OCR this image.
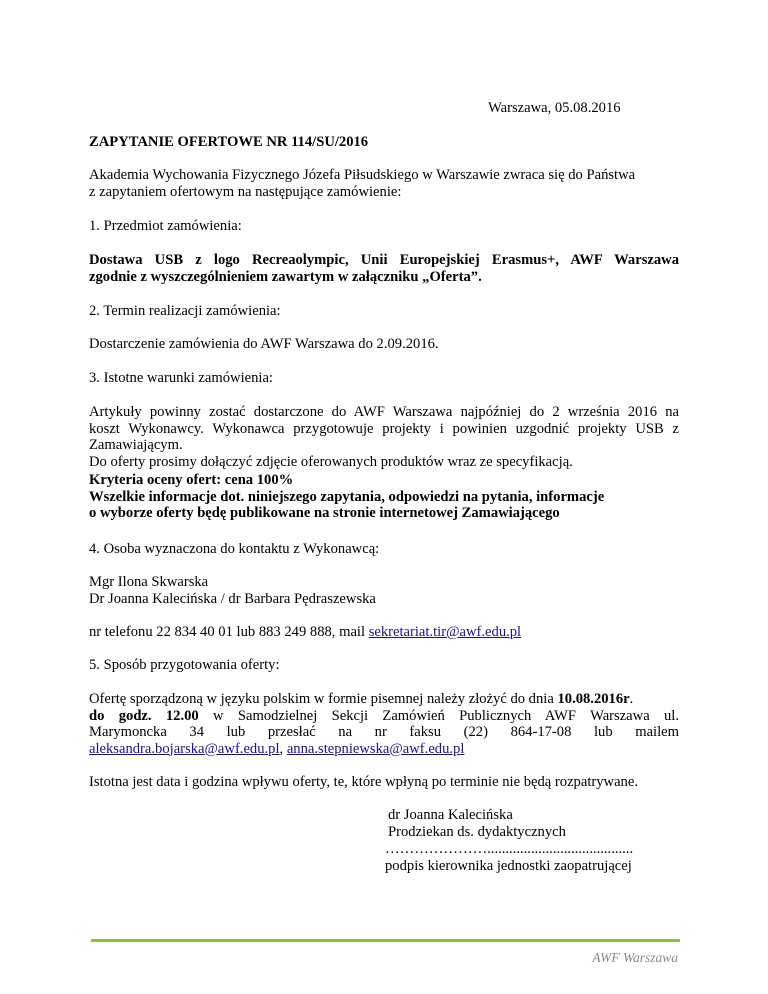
Warszawa, 05.08.2016
ZAPYTANIE OFERTOWE NR 114/SU/2016
Akademia Wychowania Fizycznego Józefa Piłsudskiego w Warszawie zwraca się do Państwa
z zapytaniem ofertowym na następujące zamówienie:
1. Przedmiot zamówienia:
Dostawa USB z logo Recreaolympic, Unii Europejskiej Erasmus+, AWF Warszawa
zgodnie z wyszczególnieniem zawartym w załączniku „Oferta”.
2. Termin realizacji zamówienia:
Dostarczenie zamówienia do AWF Warszawa do 2.09.2016.
3. Istotne warunki zamówienia:
Artykuły powinny zostać dostarczone do AWF Warszawa najpóźniej do 2 września 2016 na
koszt Wykonawcy. Wykonawca przygotowuje projekty i powinien uzgodnić projekty USB z
Zamawiającym.
Do oferty prosimy dołączyć zdjęcie oferowanych produktów wraz ze specyfikacją.
Kryteria oceny ofert: cena 100%
Wszelkie informacje dot. niniejszego zapytania, odpowiedzi na pytania, informacje
o wyborze oferty będę publikowane na stronie internetowej Zamawiającego
4. Osoba wyznaczona do kontaktu z Wykonawcą:
Mgr Ilona Skwarska
Dr Joanna Kalecińska / dr Barbara Pędraszewska
nr telefonu 22 834 40 01 lub 883 249 888, mail sekretariat.tir@awf.edu.pl
5. Sposób przygotowania oferty:
Ofertę sporządzoną w języku polskim w formie pisemnej należy złożyć do dnia 10.08.2016r.
do godz. 12.00 w Samodzielnej Sekcji Zamówień Publicznych AWF Warszawa ul.
Marymoncka 34 lub przesłać na nr faksu (22) 864-17-08 lub mailem
aleksandra.bojarska@awf.edu.pl, anna.stepniewska@awf.edu.pl
Istotna jest data i godzina wpływu oferty, te, które wpłyną po terminie nie będą rozpatrywane.
dr Joanna Kalecińska
Prodziekan ds. dydaktycznych
…………………........................................
podpis kierownika jednostki zaopatrującej
AWF Warszawa
